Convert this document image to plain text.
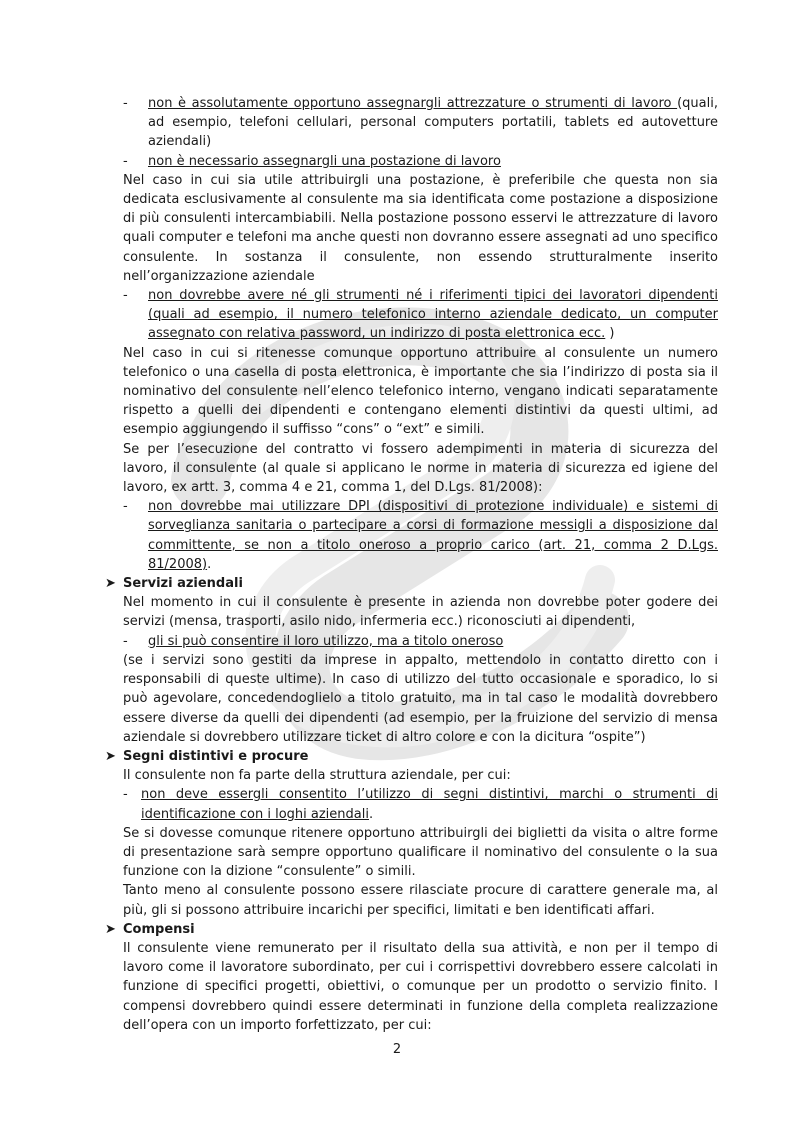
- non è assolutamente opportuno assegnargli attrezzature o strumenti di lavoro (quali, ad esempio, telefoni cellulari, personal computers portatili, tablets ed autovetture aziendali)
- non è necessario assegnargli una postazione di lavoro

Nel caso in cui sia utile attribuirgli una postazione, è preferibile che questa non sia dedicata esclusivamente al consulente ma sia identificata come postazione a disposizione di più consulenti intercambiabili. Nella postazione possono esservi le attrezzature di lavoro quali computer e telefoni ma anche questi non dovranno essere assegnati ad uno specifico consulente. In sostanza il consulente, non essendo strutturalmente inserito nell’organizzazione aziendale

- non dovrebbe avere né gli strumenti né i riferimenti tipici dei lavoratori dipendenti (quali ad esempio, il numero telefonico interno aziendale dedicato, un computer assegnato con relativa password, un indirizzo di posta elettronica ecc. )

Nel caso in cui si ritenesse comunque opportuno attribuire al consulente un numero telefonico o una casella di posta elettronica, è importante che sia l’indirizzo di posta sia il nominativo del consulente nell’elenco telefonico interno, vengano indicati separatamente rispetto a quelli dei dipendenti e contengano elementi distintivi da questi ultimi, ad esempio aggiungendo il suffisso “cons” o “ext” e simili.

Se per l’esecuzione del contratto vi fossero adempimenti in materia di sicurezza del lavoro, il consulente (al quale si applicano le norme in materia di sicurezza ed igiene del lavoro, ex artt. 3, comma 4 e 21, comma 1, del D.Lgs. 81/2008):

- non dovrebbe mai utilizzare DPI (dispositivi di protezione individuale) e sistemi di sorveglianza sanitaria o partecipare a corsi di formazione messigli a disposizione dal committente, se non a titolo oneroso a proprio carico (art. 21, comma 2 D.Lgs. 81/2008).
➤ Servizi aziendali

Nel momento in cui il consulente è presente in azienda non dovrebbe poter godere dei servizi (mensa, trasporti, asilo nido, infermeria ecc.) riconosciuti ai dipendenti,

- gli si può consentire il loro utilizzo, ma a titolo oneroso

(se i servizi sono gestiti da imprese in appalto, mettendolo in contatto diretto con i responsabili di queste ultime). In caso di utilizzo del tutto occasionale e sporadico, lo si può agevolare, concedendoglielo a titolo gratuito, ma in tal caso le modalità dovrebbero essere diverse da quelli dei dipendenti (ad esempio, per la fruizione del servizio di mensa aziendale si dovrebbero utilizzare ticket di altro colore e con la dicitura “ospite”)

➤ Segni distintivi e procure

Il consulente non fa parte della struttura aziendale, per cui:

- non deve essergli consentito l’utilizzo di segni distintivi, marchi o strumenti di identificazione con i loghi aziendali.

Se si dovesse comunque ritenere opportuno attribuirgli dei biglietti da visita o altre forme di presentazione sarà sempre opportuno qualificare il nominativo del consulente o la sua funzione con la dizione “consulente” o simili.

Tanto meno al consulente possono essere rilasciate procure di carattere generale ma, al più, gli si possono attribuire incarichi per specifici, limitati e ben identificati affari.

➤ Compensi

Il consulente viene remunerato per il risultato della sua attività, e non per il tempo di lavoro come il lavoratore subordinato, per cui i corrispettivi dovrebbero essere calcolati in funzione di specifici progetti, obiettivi, o comunque per un prodotto o servizio finito. I compensi dovrebbero quindi essere determinati in funzione della completa realizzazione dell’opera con un importo forfettizzato, per cui:

2
